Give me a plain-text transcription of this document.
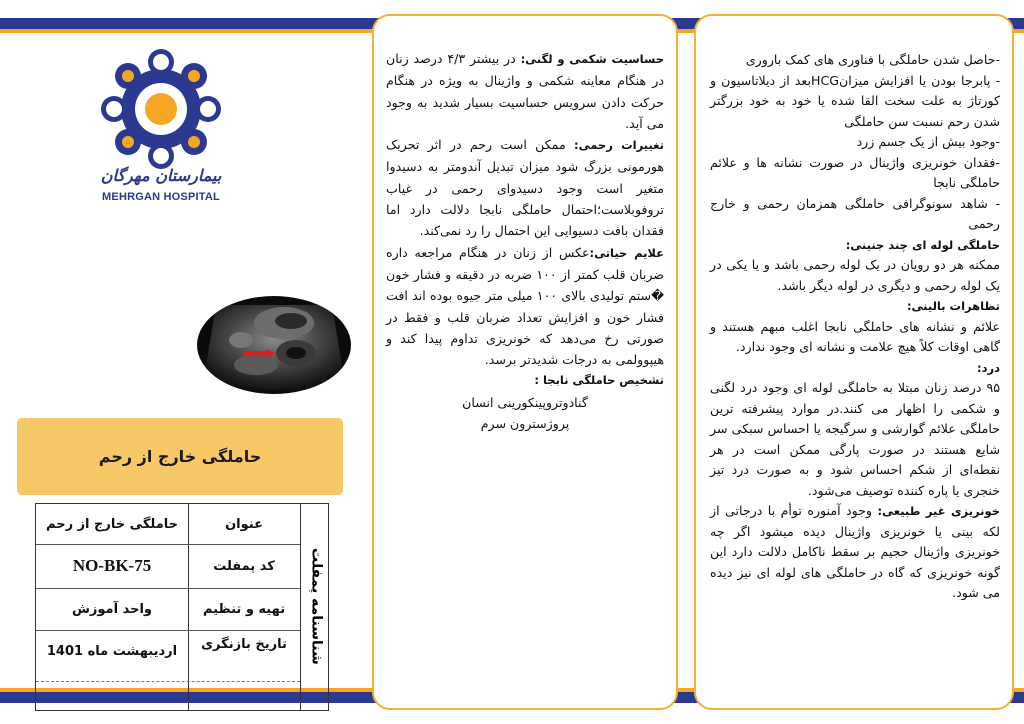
بیمارستان مهرگان
MEHRGAN HOSPITAL
حاملگی خارج از رحم
حاملگی خارج از رحم	عنوان
NO-BK-75	کد پمفلت
واحد آموزش	تهیه و تنظیم
اردیبهشت ماه 1401	تاریخ بازنگری	شناسنامه پمفلت

حساسیت شکمی و لگنی: در بیشتر ۴/۳ درصد زنان در هنگام معاینه شکمی و واژینال به ویژه در هنگام حرکت دادن سرویس حساسیت بسیار شدید به وجود می آید.

تغییرات رحمی: ممکن است رحم در اثر تحریک هورمونی بزرگ شود میزان تبدیل آندومتر به دسیدوا متغیر است وجود دسیدوای رحمی در غیاب تروفوبلاست؛احتمال حاملگی نابجا دلالت دارد اما فقدان بافت دسیوایی این احتمال را رد نمی‌کند.

علایم حیاتی:عکس از زنان در هنگام مراجعه داره ضربان قلب کمتر از ۱۰۰ ضربه در دقیقه و فشار خون �ستم تولیدی بالای ۱۰۰ میلی متر جیوه بوده اند افت فشار خون و افزایش تعداد ضربان قلب و فقط در صورتی رخ می‌دهد که خونریزی تداوم پیدا کند و هیپوولمی به درجات شدیدتر برسد.

تشخیص حاملگی نابجا :

گنادوتروپینکورینی انسان

پروژسترون سرم

-حاصل شدن حاملگی با فناوری های کمک باروری

- پابرجا بودن یا افزایش میزانHCGبعد از دیلاتاسیون و کورتاژ به علت سخت القا شده یا خود به خود بزرگتر شدن رحم نسبت سن حاملگی

-وجود بیش از یک جسم زرد

-فقدان خونریزی واژینال در صورت نشانه ها و علائم حاملگی نابجا

- شاهد سونوگرافی حاملگی همزمان رحمی و خارج رحمی

حاملگی لوله ای چند جنینی:

ممکنه هر دو رویان در یک لوله رحمی باشد و یا یکی در یک لوله رحمی و دیگری در لوله دیگر باشد.

تظاهرات بالینی:

علائم و نشانه های حاملگی نابجا اغلب مبهم هستند و گاهی اوقات کلاً هیچ علامت و نشانه ای وجود ندارد.

درد:

۹۵ درصد زنان مبتلا به حاملگی لوله ای وجود درد لگنی و شکمی را اظهار می کنند.در موارد پیشرفته ترین حاملگی علائم گوارشی و سرگیجه یا احساس سبکی سر شایع هستند در صورت پارگی ممکن است در هر نقطه‌ای از شکم احساس شود و به صورت درد تیز خنجری یا پاره کننده توصیف می‌شود.

خونریزی غیر طبیعی: وجود آمنوره توأم با درجاتی از لکه بینی یا خونریزی واژینال دیده میشود اگر چه خونریزی واژینال حجیم بر سقط ناکامل دلالت دارد این گونه خونریزی که گاه در حاملگی های لوله ای نیز دیده می شود.
